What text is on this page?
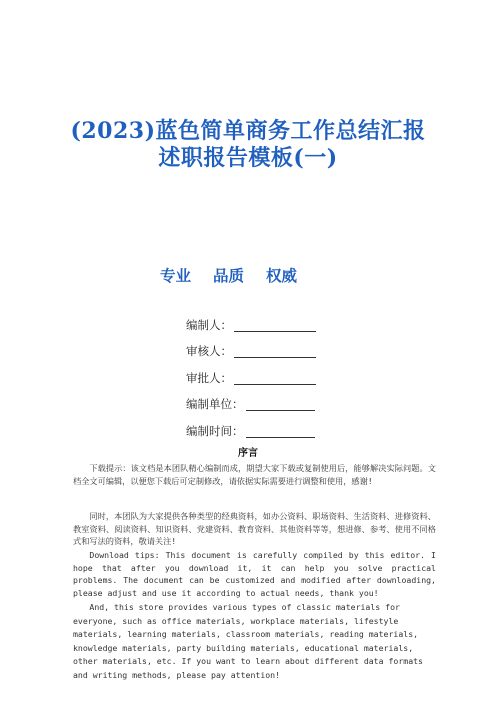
(2023)蓝色简单商务工作总结汇报
述职报告模板(一)
专业 品质 权威
编制人：
审核人：
审批人：
编制单位：
编制时间：
序言
下载提示：该文档是本团队精心编制而成，期望大家下载或复制使用后，能够解决实际问题。文档全文可编辑，以便您下载后可定制修改，请依据实际需要进行调整和使用，感谢!
同时，本团队为大家提供各种类型的经典资料，如办公资料、职场资料、生活资料、进修资料、教室资料、阅读资料、知识资料、党建资料、教育资料、其他资料等等，想进修、参考、使用不同格式和写法的资料，敬请关注!
Download tips: This document is carefully compiled by this editor. I hope that after you download it, it can help you solve practical problems. The document can be customized and modified after downloading, please adjust and use it according to actual needs, thank you!
And, this store provides various types of classic materials for everyone, such as office materials, workplace materials, lifestyle materials, learning materials, classroom materials, reading materials, knowledge materials, party building materials, educational materials, other materials, etc. If you want to learn about different data formats and writing methods, please pay attention!
